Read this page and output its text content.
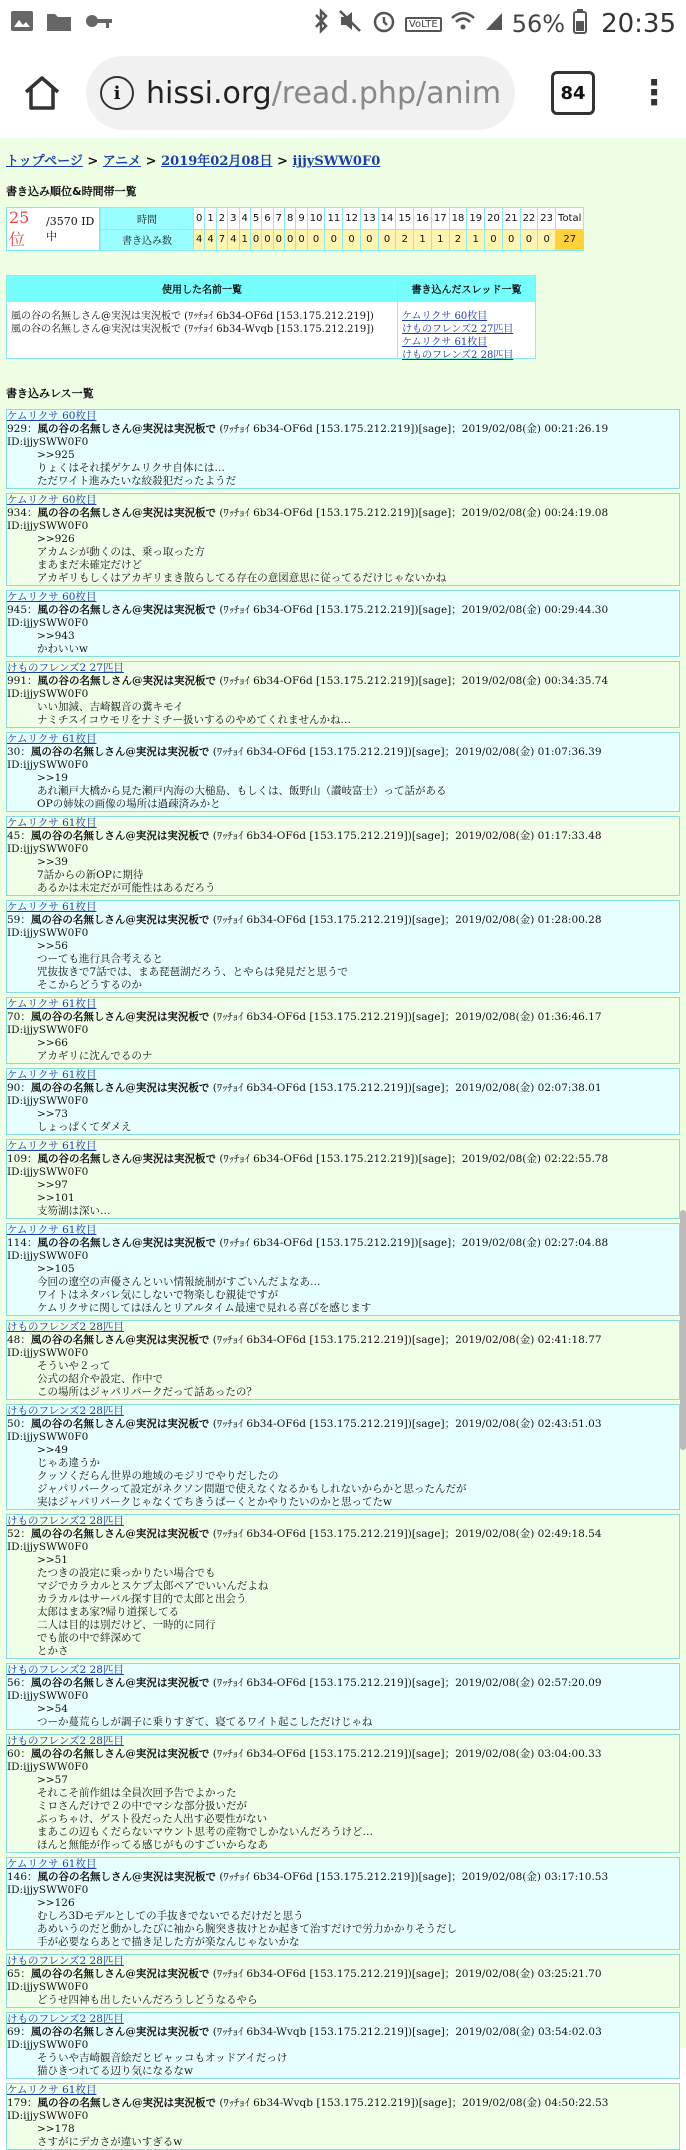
VoLTE	56% 20:35
i hissi.org /read.php/anim	84 ⋮
トップページ > アニメ > 2019年02月08日 > ijjySWW0F0
書き込み順位&時間帯一覧
25 位
/3570 ID中
時間	0	1	2	3	4	5	6	7	8	9	10	11	12	13	14	15	16	17	18	19	20	21	22	23	Total
書き込み数	4	4	7	4	1	0	0	0	0	0	0	0	0	0	0	2	1	1	2	1	0	0	0	0	27
使用した名前一覧
風の谷の名無しさん@実況は実況板で (ﾜｯﾁｮｲ 6b34-OF6d [153.175.212.219])
風の谷の名無しさん@実況は実況板で (ﾜｯﾁｮｲ 6b34-Wvqb [153.175.212.219])
書き込んだスレッド一覧
ケムリクサ 60枚目
けものフレンズ2 27匹目
ケムリクサ 61枚目
けものフレンズ2 28匹目
書き込みレス一覧
ケムリクサ 60枚目
929：風の谷の名無しさん@実況は実況板で (ﾜｯﾁｮｲ 6b34-OF6d [153.175.212.219])[sage]；2019/02/08(金) 00:21:26.19 ID:ijjySWW0F0
>>925
りょくはそれ揉ゲケムリクサ自体には…
ただワイト進みたいな絞殺犯だったようだ
ケムリクサ 60枚目
934：風の谷の名無しさん@実況は実況板で (ﾜｯﾁｮｲ 6b34-OF6d [153.175.212.219])[sage]；2019/02/08(金) 00:24:19.08 ID:ijjySWW0F0
>>926
アカムシが動くのは、乗っ取った方
まあまだ未確定だけど
アカギリもしくはアカギリまき散らしてる存在の意図意思に従ってるだけじゃないかね
ケムリクサ 60枚目
945：風の谷の名無しさん@実況は実況板で (ﾜｯﾁｮｲ 6b34-OF6d [153.175.212.219])[sage]；2019/02/08(金) 00:29:44.30 ID:ijjySWW0F0
>>943
かわいいw
けものフレンズ2 27匹目
991：風の谷の名無しさん@実況は実況板で (ﾜｯﾁｮｲ 6b34-OF6d [153.175.212.219])[sage]；2019/02/08(金) 00:34:35.74 ID:ijjySWW0F0
いい加減、吉崎観音の糞キモイ
ナミチスイコウモリをナミチー扱いするのやめてくれませんかね…
ケムリクサ 61枚目
30：風の谷の名無しさん@実況は実況板で (ﾜｯﾁｮｲ 6b34-OF6d [153.175.212.219])[sage]；2019/02/08(金) 01:07:36.39 ID:ijjySWW0F0
>>19
あれ瀬戸大橋から見た瀬戸内海の大槌島、もしくは、飯野山（讃岐富士）って話がある
OPの姉妹の画像の場所は過疎済みかと
ケムリクサ 61枚目
45：風の谷の名無しさん@実況は実況板で (ﾜｯﾁｮｲ 6b34-OF6d [153.175.212.219])[sage]；2019/02/08(金) 01:17:33.48 ID:ijjySWW0F0
>>39
7話からの新OPに期待
あるかは未定だが可能性はあるだろう
ケムリクサ 61枚目
59：風の谷の名無しさん@実況は実況板で (ﾜｯﾁｮｲ 6b34-OF6d [153.175.212.219])[sage]；2019/02/08(金) 01:28:00.28 ID:ijjySWW0F0
>>56
つーても進行具合考えると
咒抜抜きで7話では、まあ琵琶湖だろう、とやらは発見だと思うで
そこからどうするのか
ケムリクサ 61枚目
70：風の谷の名無しさん@実況は実況板で (ﾜｯﾁｮｲ 6b34-OF6d [153.175.212.219])[sage]；2019/02/08(金) 01:36:46.17 ID:ijjySWW0F0
>>66
アカギリに沈んでるのナ
ケムリクサ 61枚目
90：風の谷の名無しさん@実況は実況板で (ﾜｯﾁｮｲ 6b34-OF6d [153.175.212.219])[sage]；2019/02/08(金) 02:07:38.01 ID:ijjySWW0F0
>>73
しょっぱくてダメえ
ケムリクサ 61枚目
109：風の谷の名無しさん@実況は実況板で (ﾜｯﾁｮｲ 6b34-OF6d [153.175.212.219])[sage]；2019/02/08(金) 02:22:55.78 ID:ijjySWW0F0
>>97
>>101
支笏湖は深い…
ケムリクサ 61枚目
114：風の谷の名無しさん@実況は実況板で (ﾜｯﾁｮｲ 6b34-OF6d [153.175.212.219])[sage]；2019/02/08(金) 02:27:04.88 ID:ijjySWW0F0
>>105
今回の遼空の声優さんといい情報統制がすごいんだよなあ…
ワイトはネタバレ気にしないで物楽しむ親徒ですが
ケムリクサに関してはほんとリアルタイム最速で見れる喜びを感じます
けものフレンズ2 28匹目
48：風の谷の名無しさん@実況は実況板で (ﾜｯﾁｮｲ 6b34-OF6d [153.175.212.219])[sage]；2019/02/08(金) 02:41:18.77 ID:ijjySWW0F0
そういや２って
公式の紹介や設定、作中で
この場所はジャパリパークだって話あったの？
けものフレンズ2 28匹目
50：風の谷の名無しさん@実況は実況板で (ﾜｯﾁｮｲ 6b34-OF6d [153.175.212.219])[sage]；2019/02/08(金) 02:43:51.03 ID:ijjySWW0F0
>>49
じゃあ違うか
クッソくだらん世界の地域のモジリでやりだしたの
ジャパリパークって設定がネクソン問題で使えなくなるかもしれないからかと思ったんだが
実はジャパリパークじゃなくてちきうぱーくとかやりたいのかと思ってたw
けものフレンズ2 28匹目
52：風の谷の名無しさん@実況は実況板で (ﾜｯﾁｮｲ 6b34-OF6d [153.175.212.219])[sage]；2019/02/08(金) 02:49:18.54 ID:ijjySWW0F0
>>51
たつきの設定に乗っかりたい場合でも
マジでカラカルとスケブ太郎ペアでいいんだよね
カラカルはサーバル探す目的で太郎と出会う
太郎はまあ家?帰り道探してる
二人は目的は別だけど、一時的に同行
でも旅の中で絆深めて
とかさ
けものフレンズ2 28匹目
56：風の谷の名無しさん@実況は実況板で (ﾜｯﾁｮｲ 6b34-OF6d [153.175.212.219])[sage]；2019/02/08(金) 02:57:20.09 ID:ijjySWW0F0
>>54
つーか蔓荒らしが調子に乗りすぎて、寝てるワイト起こしただけじゃね
けものフレンズ2 28匹目
60：風の谷の名無しさん@実況は実況板で (ﾜｯﾁｮｲ 6b34-OF6d [153.175.212.219])[sage]；2019/02/08(金) 03:04:00.33 ID:ijjySWW0F0
>>57
それこそ前作組は全員次回予告でよかった
ミロさんだけで２の中でマシな部分扱いだが
ぶっちゃけ、ゲスト役だった人出す必要性がない
まあこの辺もくだらないマウント思考の産物でしかないんだろうけど…
ほんと無能が作ってる感じがものすごいからなあ
ケムリクサ 61枚目
146：風の谷の名無しさん@実況は実況板で (ﾜｯﾁｮｲ 6b34-OF6d [153.175.212.219])[sage]；2019/02/08(金) 03:17:10.53 ID:ijjySWW0F0
>>126
むしろ3Dモデルとしての手抜きでないでるだけだと思う
あめいうのだと動かしたびに袖から腕突き抜けとか起きて治すだけで労力かかりそうだし
手が必要ならあとで描き足した方が楽なんじゃないかな
けものフレンズ2 28匹目
65：風の谷の名無しさん@実況は実況板で (ﾜｯﾁｮｲ 6b34-OF6d [153.175.212.219])[sage]；2019/02/08(金) 03:25:21.70 ID:ijjySWW0F0
どうせ四神も出したいんだろうしどうなるやら
けものフレンズ2 28匹目
69：風の谷の名無しさん@実況は実況板で (ﾜｯﾁｮｲ 6b34-Wvqb [153.175.212.219])[sage]；2019/02/08(金) 03:54:02.03 ID:ijjySWW0F0
そういや吉崎観音絵だとビャッコもオッドアイだっけ
猫ひきつれてる辺り気になるなw
ケムリクサ 61枚目
179：風の谷の名無しさん@実況は実況板で (ﾜｯﾁｮｲ 6b34-Wvqb [153.175.212.219])[sage]；2019/02/08(金) 04:50:22.53 ID:ijjySWW0F0
>>178
さすがにデカさが違いすぎるw
